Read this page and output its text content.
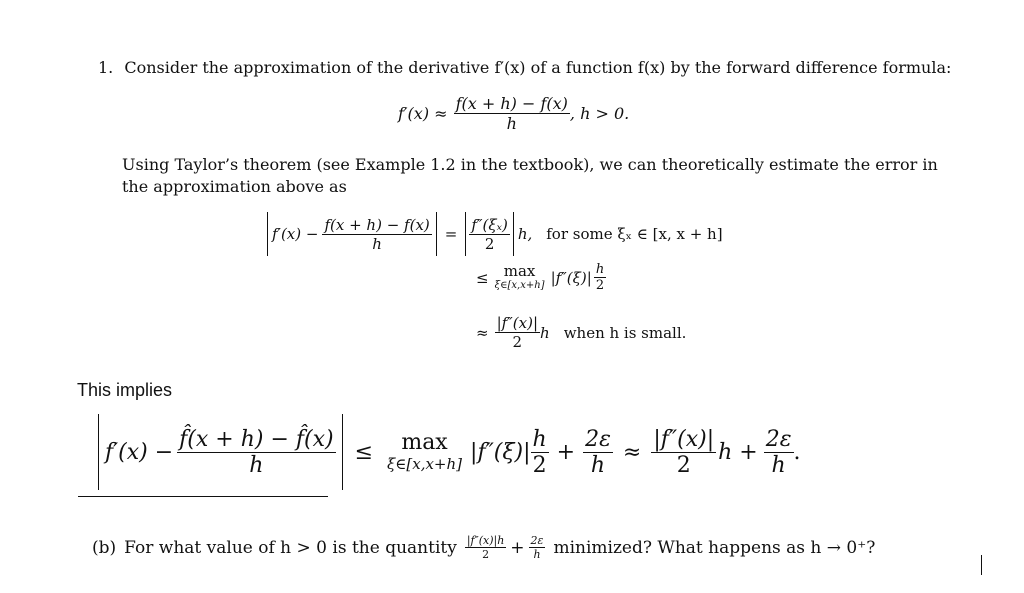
1. Consider the approximation of the derivative f′(x) of a function f(x) by the forward difference formula:
$f'(x) \approx \frac{f(x + h) - f(x)}{h}$ , h > 0.
Using Taylor’s theorem (see Example 1.2 in the textbook), we can theoretically estimate the error in
the approximation above as
$f'(x) - \frac{f(x + h) - f(x)}{h} = \frac{\text{f″(ξₓ)}}{2} h$, for some ξₓ ∈ [x, x + h]
≤ max
ξ∈[x,x+h] $|f''(\xi)| \frac{h}{2}$
≈ $\frac{|f''(x)|}{2}$ h when h is small.
This implies
$f'(x) - \frac{f̂(x + h) - f̂(x)}{h} \le \max$
ξ∈[x,x+h] $|f''(\xi)| \frac{h}{2} + \frac{2\varepsilon}{h} \approx \frac{|f''(x)|}{2}$ $h + \frac{2\varepsilon}{h}$ .
(b) For what value of h > 0 is the quantity $\frac{|f''(x)|h}{2} + \frac{2\varepsilon}{h}$ minimized? What happens as h → 0⁺?
